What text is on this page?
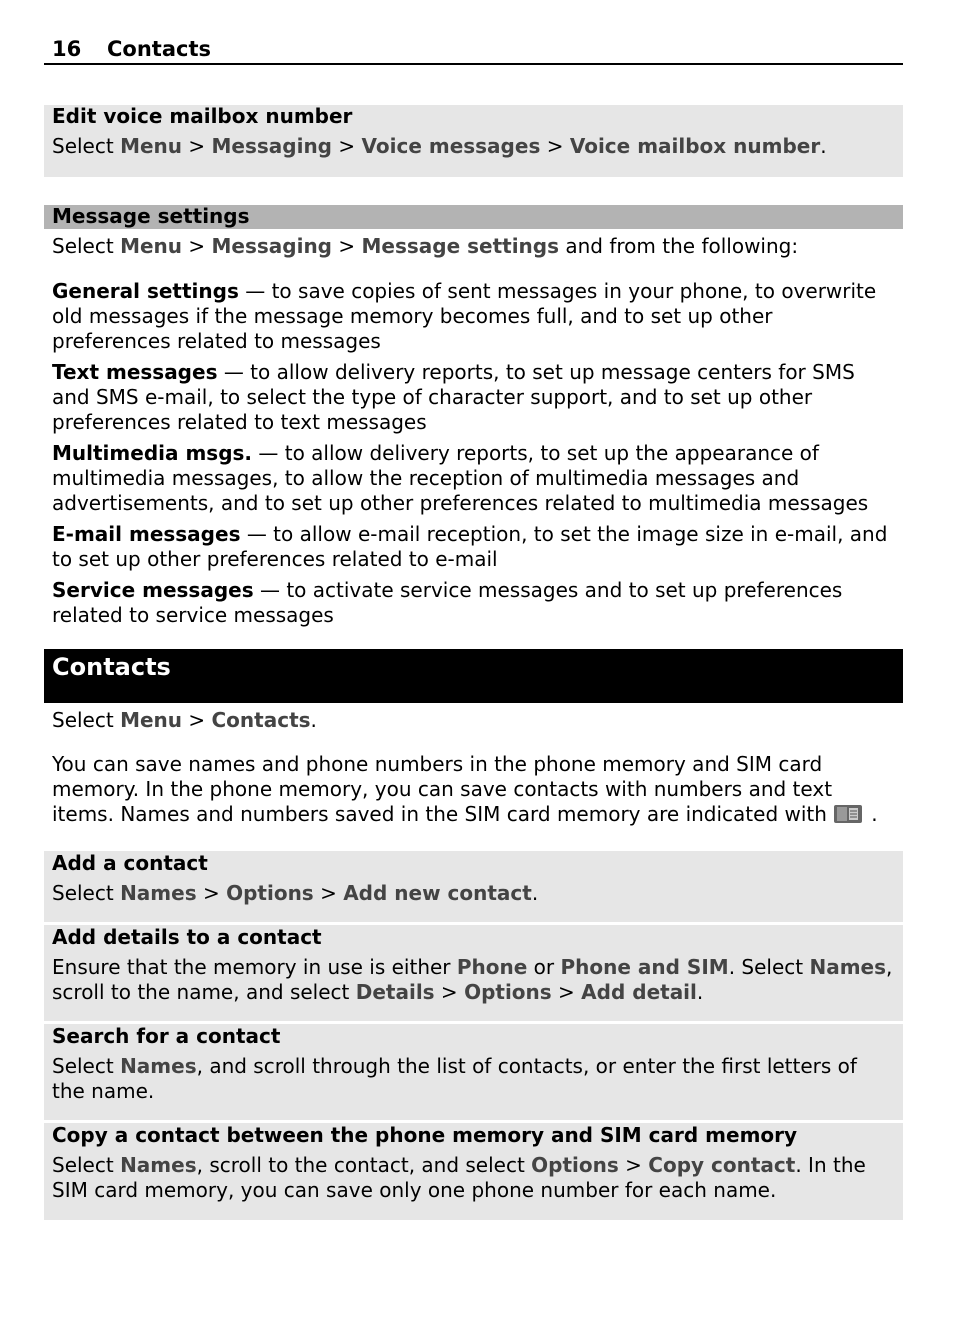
16 Contacts

Edit voice mailbox number

Select Menu > Messaging > Voice messages > Voice mailbox number.

Message settings
Select Menu > Messaging > Message settings and from the following:

General settings — to save copies of sent messages in your phone, to overwrite old messages if the message memory becomes full, and to set up other preferences related to messages

Text messages — to allow delivery reports, to set up message centers for SMS and SMS e-mail, to select the type of character support, and to set up other preferences related to text messages

Multimedia msgs. — to allow delivery reports, to set up the appearance of multimedia messages, to allow the reception of multimedia messages and advertisements, and to set up other preferences related to multimedia messages

E-mail messages — to allow e-mail reception, to set the image size in e-mail, and to set up other preferences related to e-mail

Service messages — to activate service messages and to set up preferences related to service messages

Contacts
Select Menu > Contacts.
You can save names and phone numbers in the phone memory and SIM card memory. In the phone memory, you can save contacts with numbers and text items. Names and numbers saved in the SIM card memory are indicated with .

Add a contact

Select Names > Options > Add new contact.

Add details to a contact

Ensure that the memory in use is either Phone or Phone and SIM. Select Names, scroll to the name, and select Details > Options > Add detail.

Search for a contact

Select Names, and scroll through the list of contacts, or enter the first letters of the name.

Copy a contact between the phone memory and SIM card memory

Select Names, scroll to the contact, and select Options > Copy contact. In the SIM card memory, you can save only one phone number for each name.
